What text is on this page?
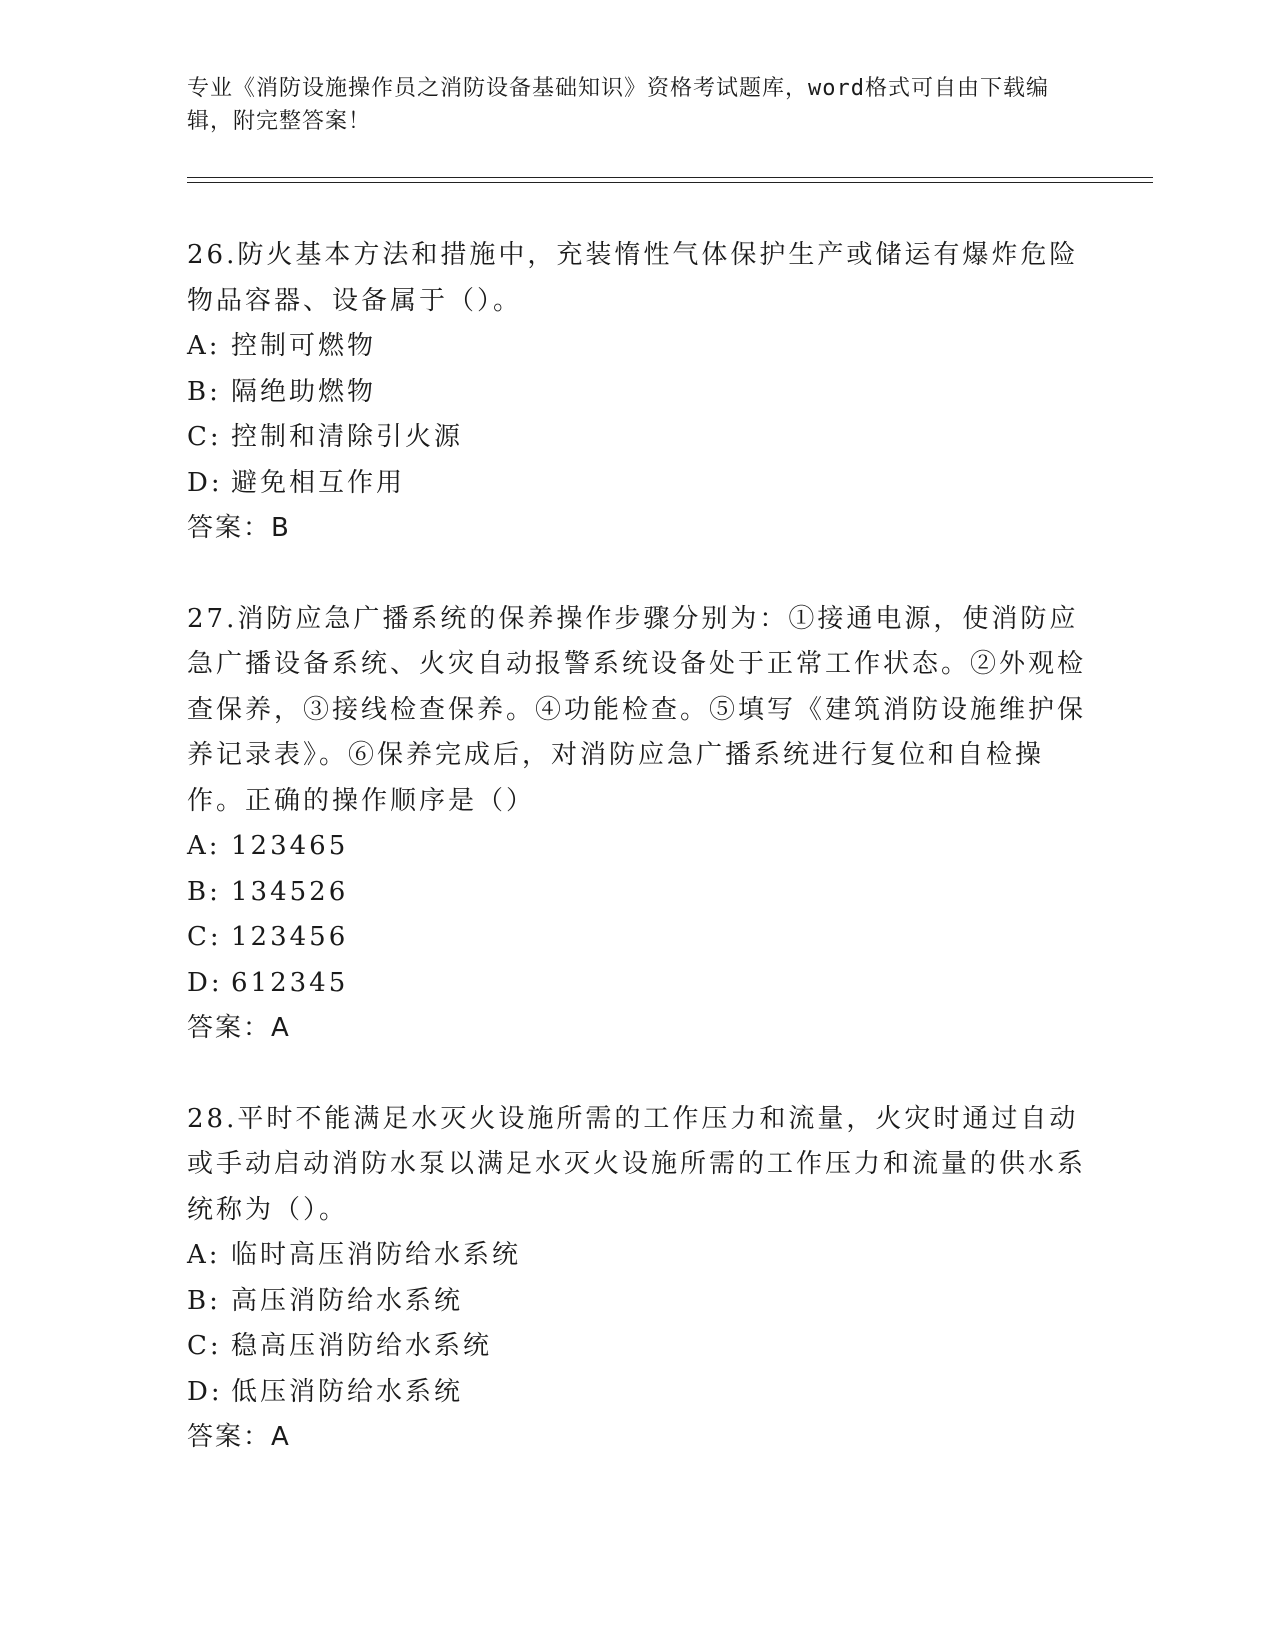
专业《消防设施操作员之消防设备基础知识》资格考试题库，word格式可自由下载编辑，附完整答案！

26.防火基本方法和措施中，充装惰性气体保护生产或储运有爆炸危险物品容器、设备属于（）。

A: 控制可燃物

B: 隔绝助燃物

C: 控制和清除引火源

D: 避免相互作用

答案：B

27.消防应急广播系统的保养操作步骤分别为：①接通电源，使消防应急广播设备系统、火灾自动报警系统设备处于正常工作状态。②外观检查保养，③接线检查保养。④功能检查。⑤填写《建筑消防设施维护保养记录表》。⑥保养完成后，对消防应急广播系统进行复位和自检操作。正确的操作顺序是（）

A: 123465

B: 134526

C: 123456

D: 612345

答案：A

28.平时不能满足水灭火设施所需的工作压力和流量，火灾时通过自动或手动启动消防水泵以满足水灭火设施所需的工作压力和流量的供水系统称为（）。

A: 临时高压消防给水系统

B: 高压消防给水系统

C: 稳高压消防给水系统

D: 低压消防给水系统

答案：A
